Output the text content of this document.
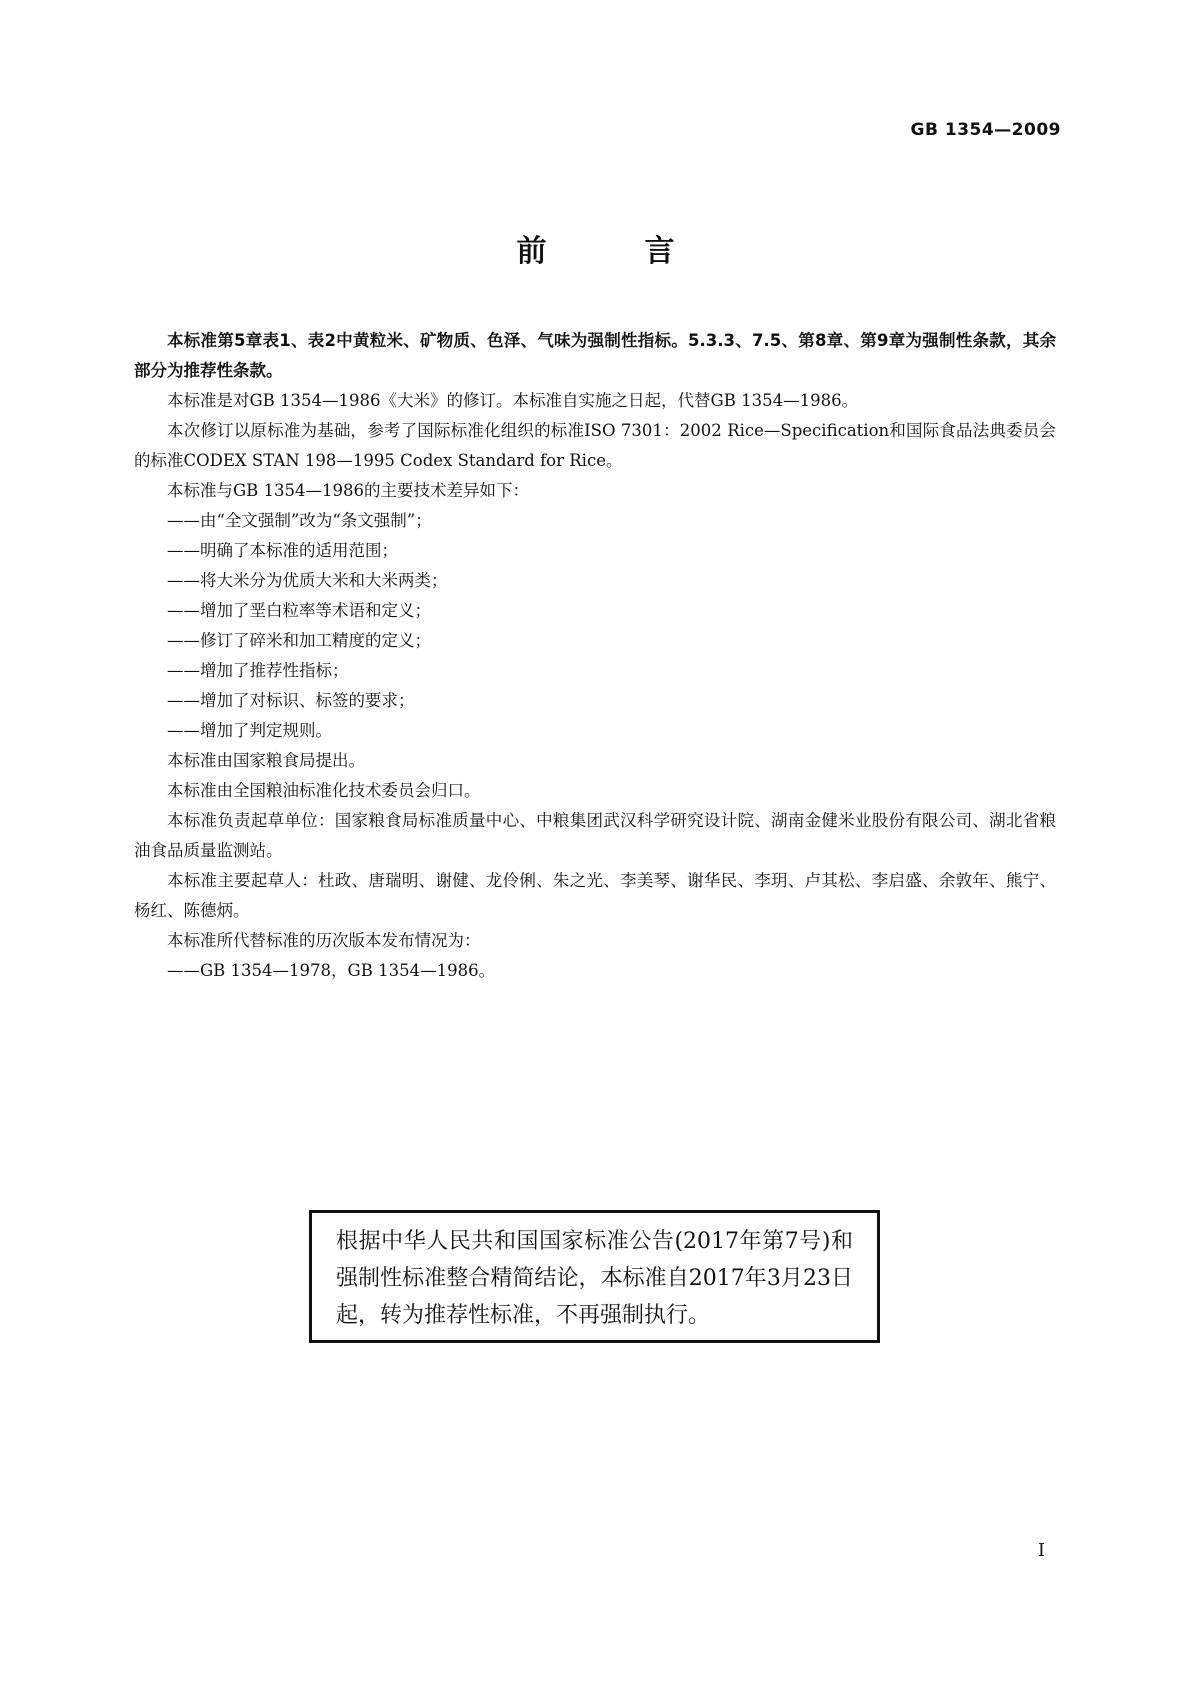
GB 1354—2009
前　言

本标准第5章表1、表2中黄粒米、矿物质、色泽、气味为强制性指标。5.3.3、7.5、第8章、第9章为强制性条款，其余部分为推荐性条款。

本标准是对GB 1354—1986《大米》的修订。本标准自实施之日起，代替GB 1354—1986。

本次修订以原标准为基础，参考了国际标准化组织的标准ISO 7301：2002 Rice—Specification和国际食品法典委员会的标准CODEX STAN 198—1995 Codex Standard for Rice。

本标准与GB 1354—1986的主要技术差异如下：

——由“全文强制”改为“条文强制”；

——明确了本标准的适用范围；

——将大米分为优质大米和大米两类；

——增加了垩白粒率等术语和定义；

——修订了碎米和加工精度的定义；

——增加了推荐性指标；

——增加了对标识、标签的要求；

——增加了判定规则。

本标准由国家粮食局提出。

本标准由全国粮油标准化技术委员会归口。

本标准负责起草单位：国家粮食局标准质量中心、中粮集团武汉科学研究设计院、湖南金健米业股份有限公司、湖北省粮油食品质量监测站。

本标准主要起草人：杜政、唐瑞明、谢健、龙伶俐、朱之光、李美琴、谢华民、李玥、卢其松、李启盛、余敦年、熊宁、杨红、陈德炳。

本标准所代替标准的历次版本发布情况为：

——GB 1354—1978，GB 1354—1986。

根据中华人民共和国国家标准公告(2017年第7号)和强制性标准整合精简结论，本标准自2017年3月23日起，转为推荐性标准，不再强制执行。
I
